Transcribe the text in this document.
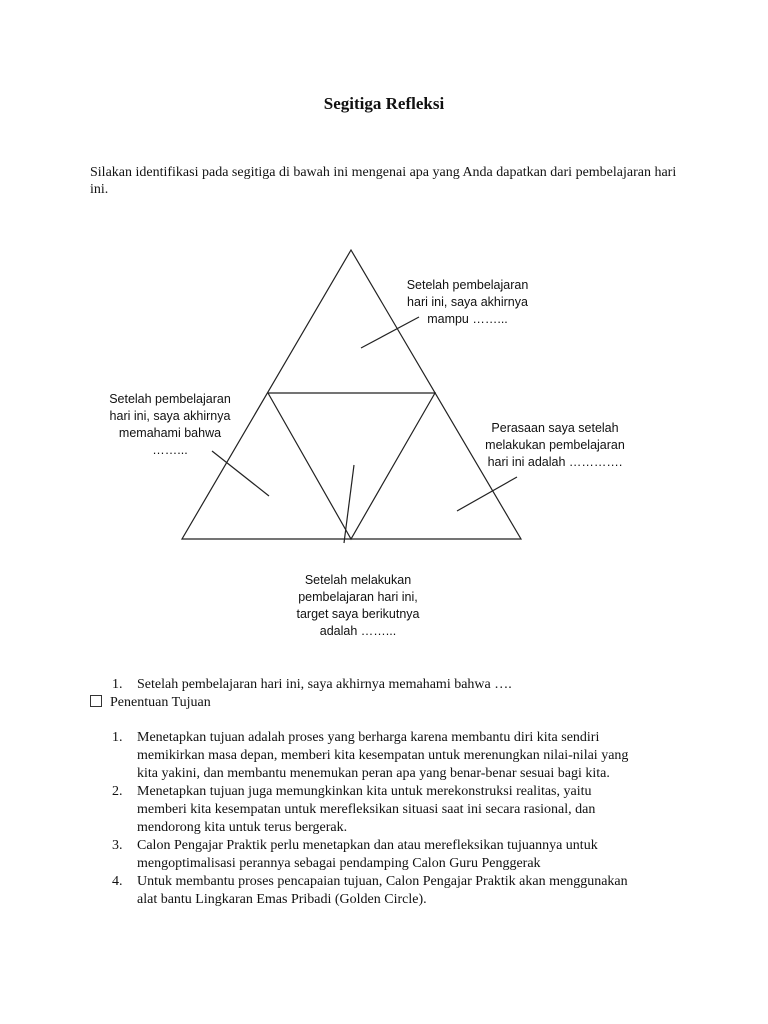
Segitiga Refleksi
Silakan identifikasi pada segitiga di bawah ini mengenai apa yang Anda dapatkan dari pembelajaran hari ini.
Setelah pembelajaran
hari ini, saya akhirnya
mampu ……...
Setelah pembelajaran
hari ini, saya akhirnya
memahami bahwa
……...
Perasaan saya setelah
melakukan pembelajaran
hari ini adalah ………….
Setelah melakukan
pembelajaran hari ini,
target saya berikutnya
adalah ……...
1. Setelah pembelajaran hari ini, saya akhirnya memahami bahwa ….
Penentuan Tujuan
1. Menetapkan tujuan adalah proses yang berharga karena membantu diri kita sendiri
memikirkan masa depan, memberi kita kesempatan untuk merenungkan nilai-nilai yang
kita yakini, dan membantu menemukan peran apa yang benar-benar sesuai bagi kita.
2. Menetapkan tujuan juga memungkinkan kita untuk merekonstruksi realitas, yaitu
memberi kita kesempatan untuk merefleksikan situasi saat ini secara rasional, dan
mendorong kita untuk terus bergerak.
3. Calon Pengajar Praktik perlu menetapkan dan atau merefleksikan tujuannya untuk
mengoptimalisasi perannya sebagai pendamping Calon Guru Penggerak
4. Untuk membantu proses pencapaian tujuan, Calon Pengajar Praktik akan menggunakan
alat bantu Lingkaran Emas Pribadi (Golden Circle).
